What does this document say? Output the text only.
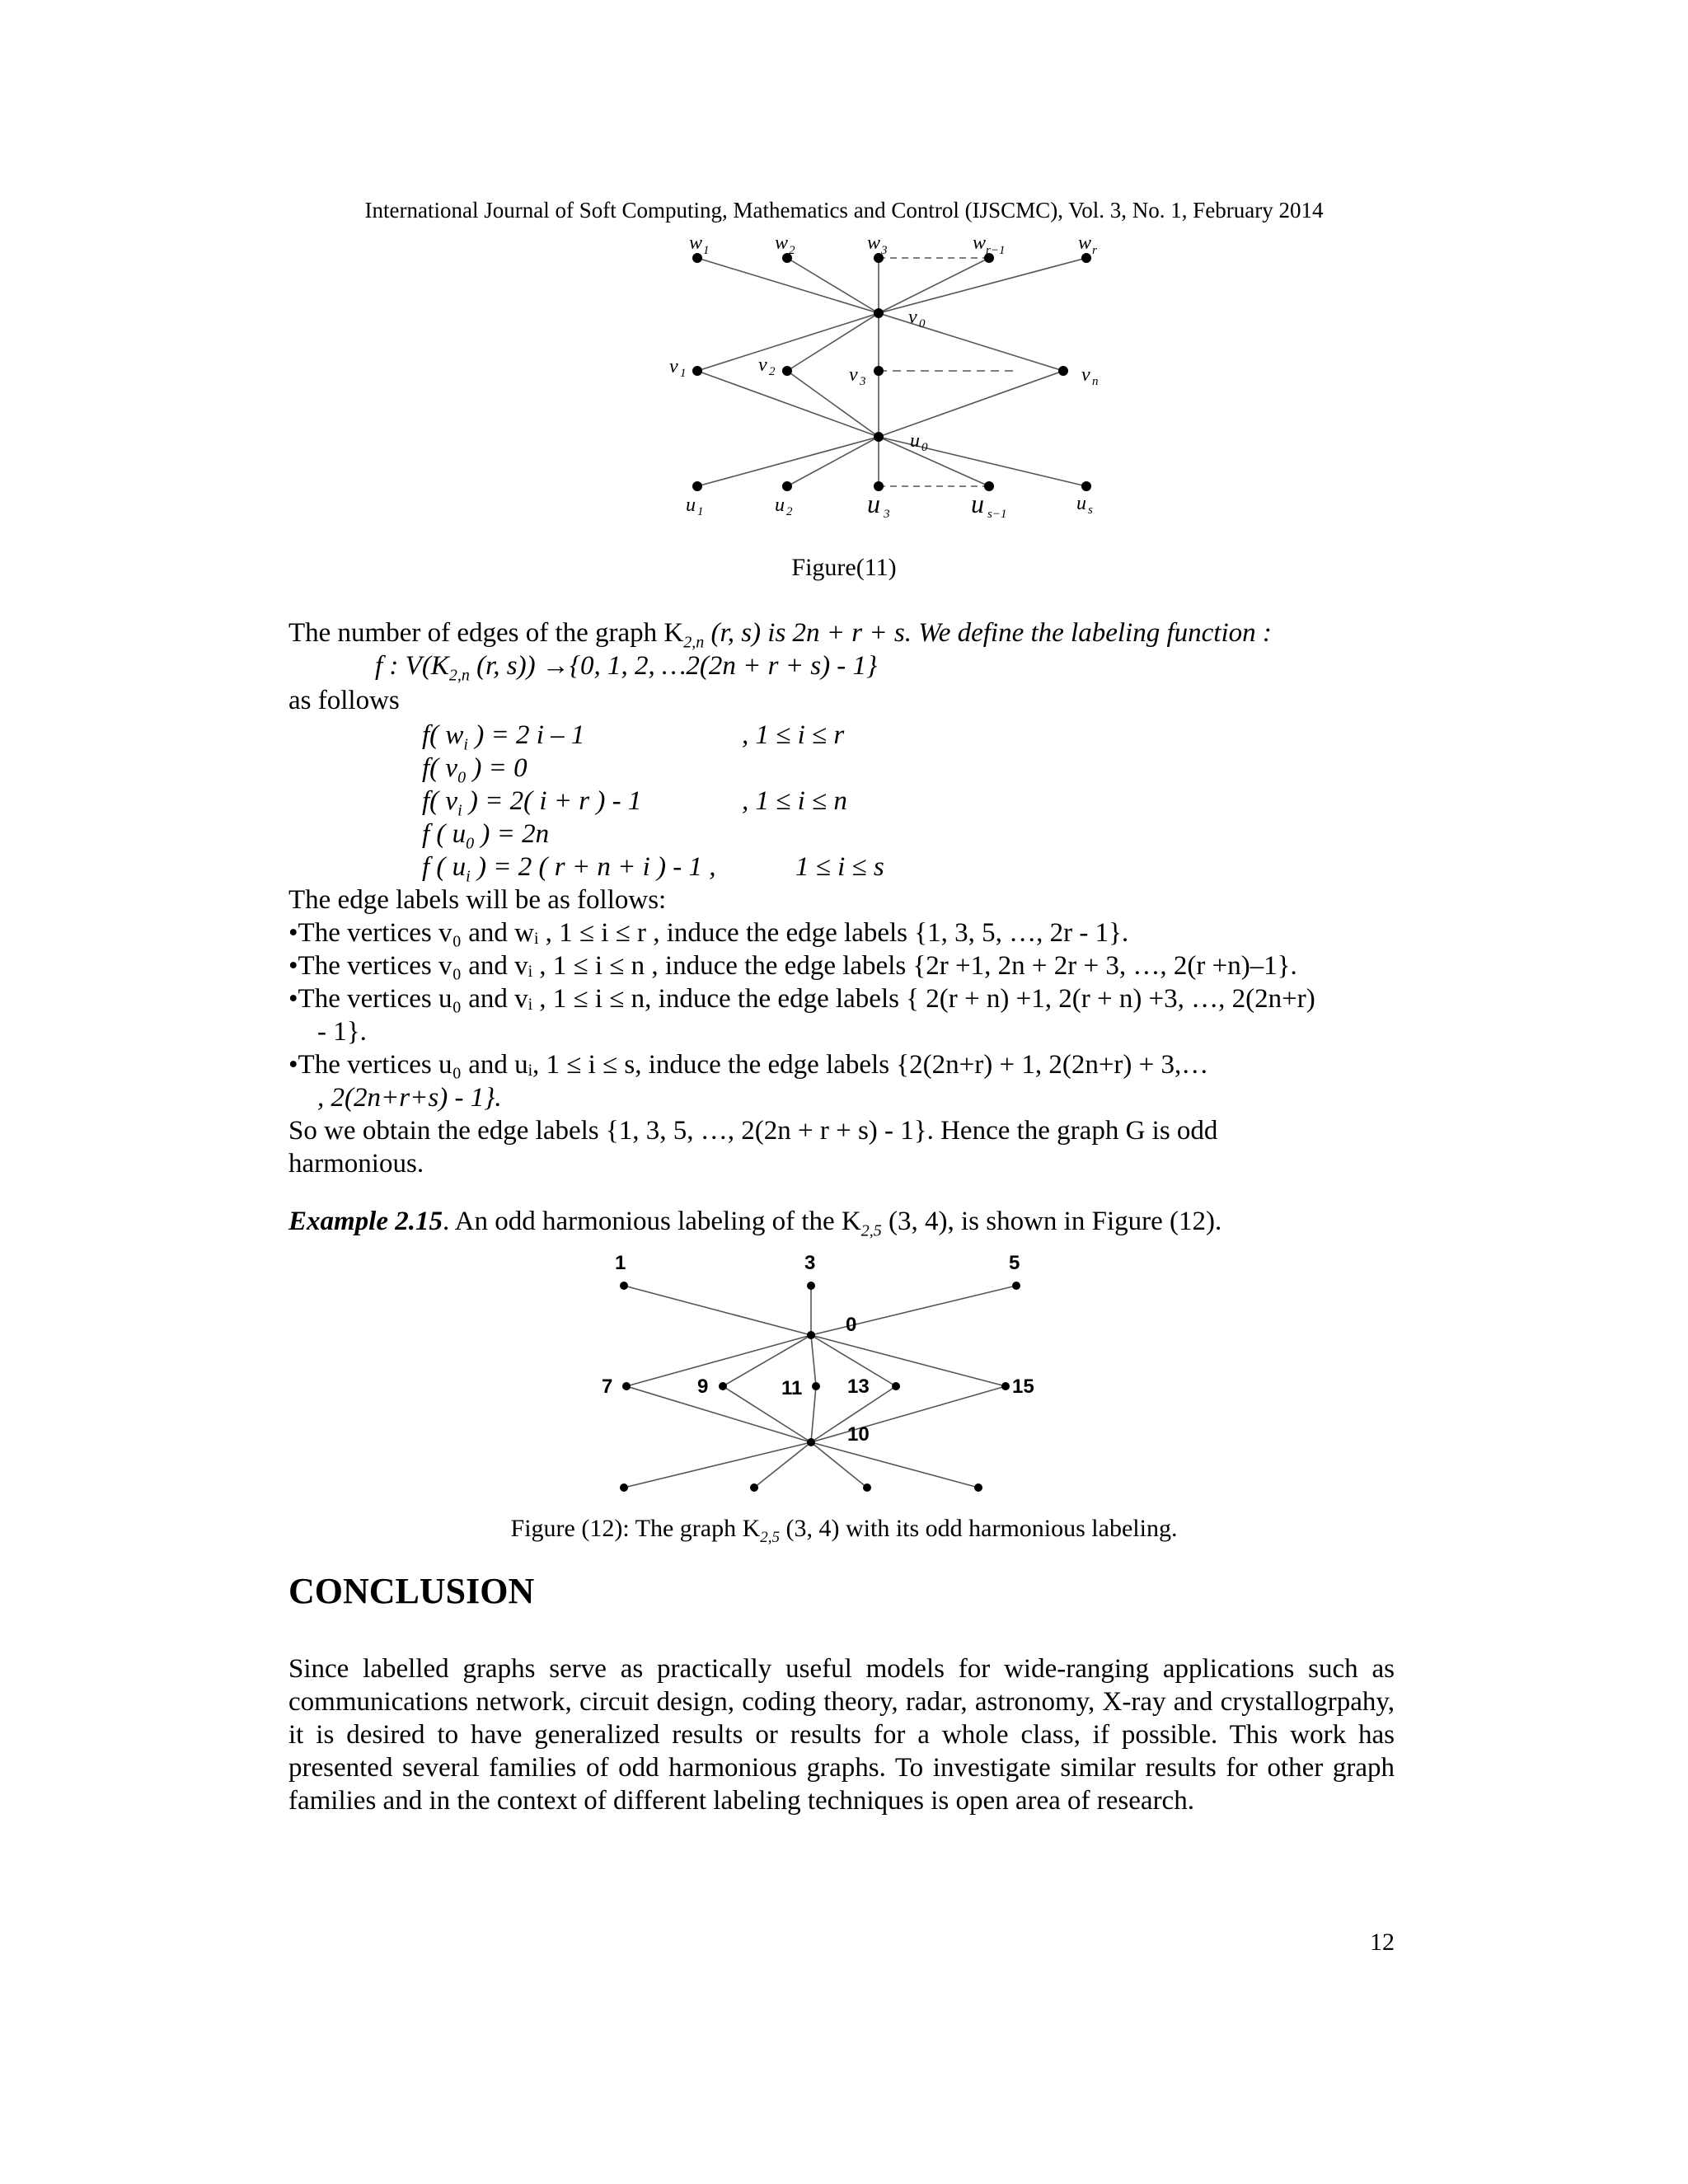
International Journal of Soft Computing, Mathematics and Control (IJSCMC), Vol. 3, No. 1, February 2014
w 1	w 2	w 3	w r−1	w r
v 0
v 1	v 2	v 3	v n
u 0
u 1	u 2	u 3	u s−1	u s
Figure(11)
The number of edges of the graph $K_{2,n}$ (r, s) is 2n + r + s. We define the labeling function :
f : $V(K_{2,n}$ (r, s)) →{0, 1, 2, …2(2n + r + s) - 1}
as follows
f( $w_i$ ) = 2 i – 1	, 1 ≤ i ≤ r
f( $v_0$ ) = 0
f( $v_i$ ) = 2( i + r ) - 1	, 1 ≤ i ≤ n
f ( $u_0$ ) = 2n
f ( $u_i$ ) = 2 ( r + n + i ) - 1 ,	1 ≤ i ≤ s
The edge labels will be as follows:
•The vertices v₀ and wᵢ , 1 ≤ i ≤ r , induce the edge labels {1, 3, 5, …, 2r - 1}.
•The vertices v₀ and vᵢ , 1 ≤ i ≤ n , induce the edge labels {2r +1, 2n + 2r + 3, …, 2(r +n)–1}.
•The vertices u₀ and vᵢ , 1 ≤ i ≤ n, induce the edge labels { 2(r + n) +1, 2(r + n) +3, …, 2(2n+r)
- 1}.
•The vertices u₀ and uᵢ, 1 ≤ i ≤ s, induce the edge labels {2(2n+r) + 1, 2(2n+r) + 3,…
, 2(2n+r+s) - 1}.
So we obtain the edge labels {1, 3, 5, …, 2(2n + r + s) - 1}. Hence the graph G is odd
harmonious.
Example 2.15. An odd harmonious labeling of the $K_{2,5}$ (3, 4), is shown in Figure (12).
1	3	5
0
7	9	11 13	15
10
Figure (12): The graph $K_{2,5}$ (3, 4) with its odd harmonious labeling.
CONCLUSION
Since labelled graphs serve as practically useful models for wide-ranging applications such as communications network, circuit design, coding theory, radar, astronomy, X-ray and crystallogrpahy, it is desired to have generalized results or results for a whole class, if possible. This work has presented several families of odd harmonious graphs. To investigate similar results for other graph families and in the context of different labeling techniques is open area of research.
12
